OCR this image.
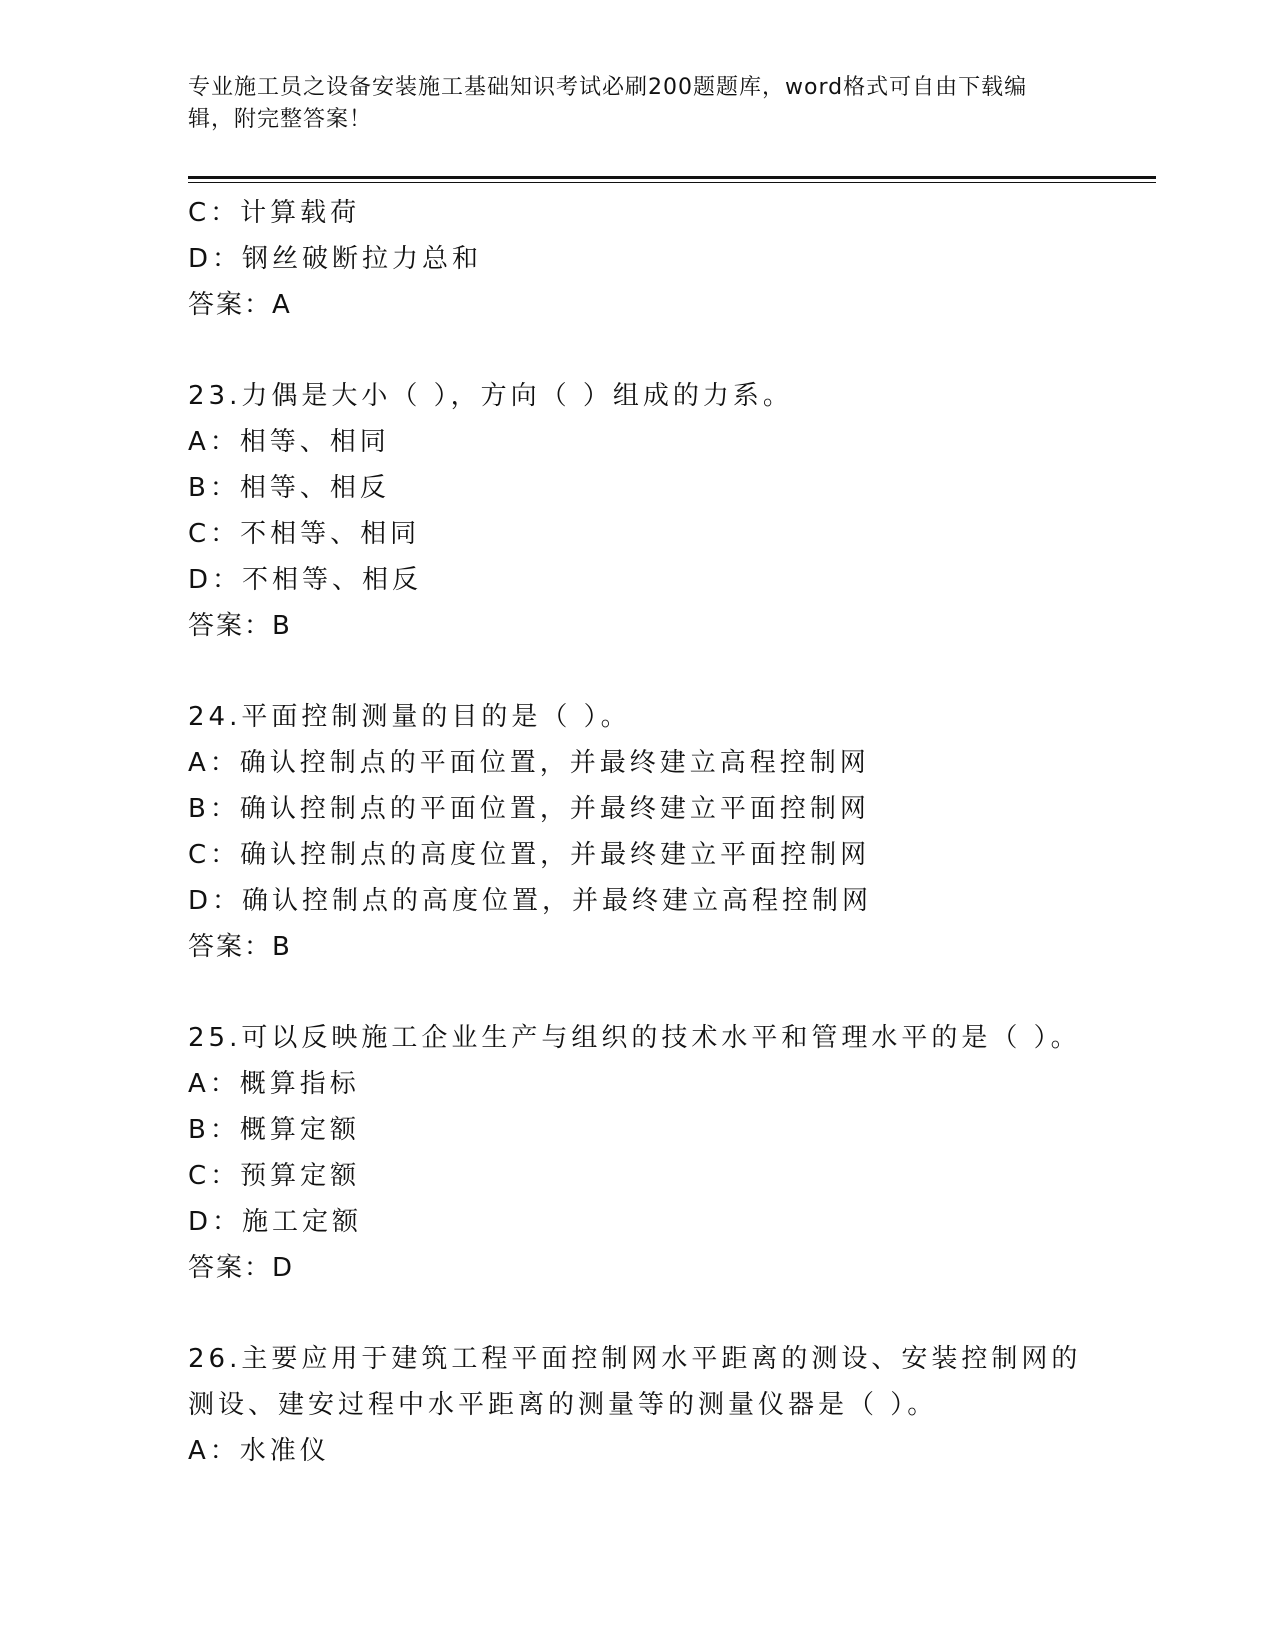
专业施工员之设备安装施工基础知识考试必刷200题题库，word格式可自由下载编辑，附完整答案！
C：计算载荷
D：钢丝破断拉力总和
答案：A
23.力偶是大小（ ），方向（ ）组成的力系。
A：相等、相同
B：相等、相反
C：不相等、相同
D：不相等、相反
答案：B
24.平面控制测量的目的是（ ）。
A：确认控制点的平面位置，并最终建立高程控制网
B：确认控制点的平面位置，并最终建立平面控制网
C：确认控制点的高度位置，并最终建立平面控制网
D：确认控制点的高度位置，并最终建立高程控制网
答案：B
25.可以反映施工企业生产与组织的技术水平和管理水平的是（ ）。
A：概算指标
B：概算定额
C：预算定额
D：施工定额
答案：D
26.主要应用于建筑工程平面控制网水平距离的测设、安装控制网的测设、建安过程中水平距离的测量等的测量仪器是（ ）。
A：水准仪
